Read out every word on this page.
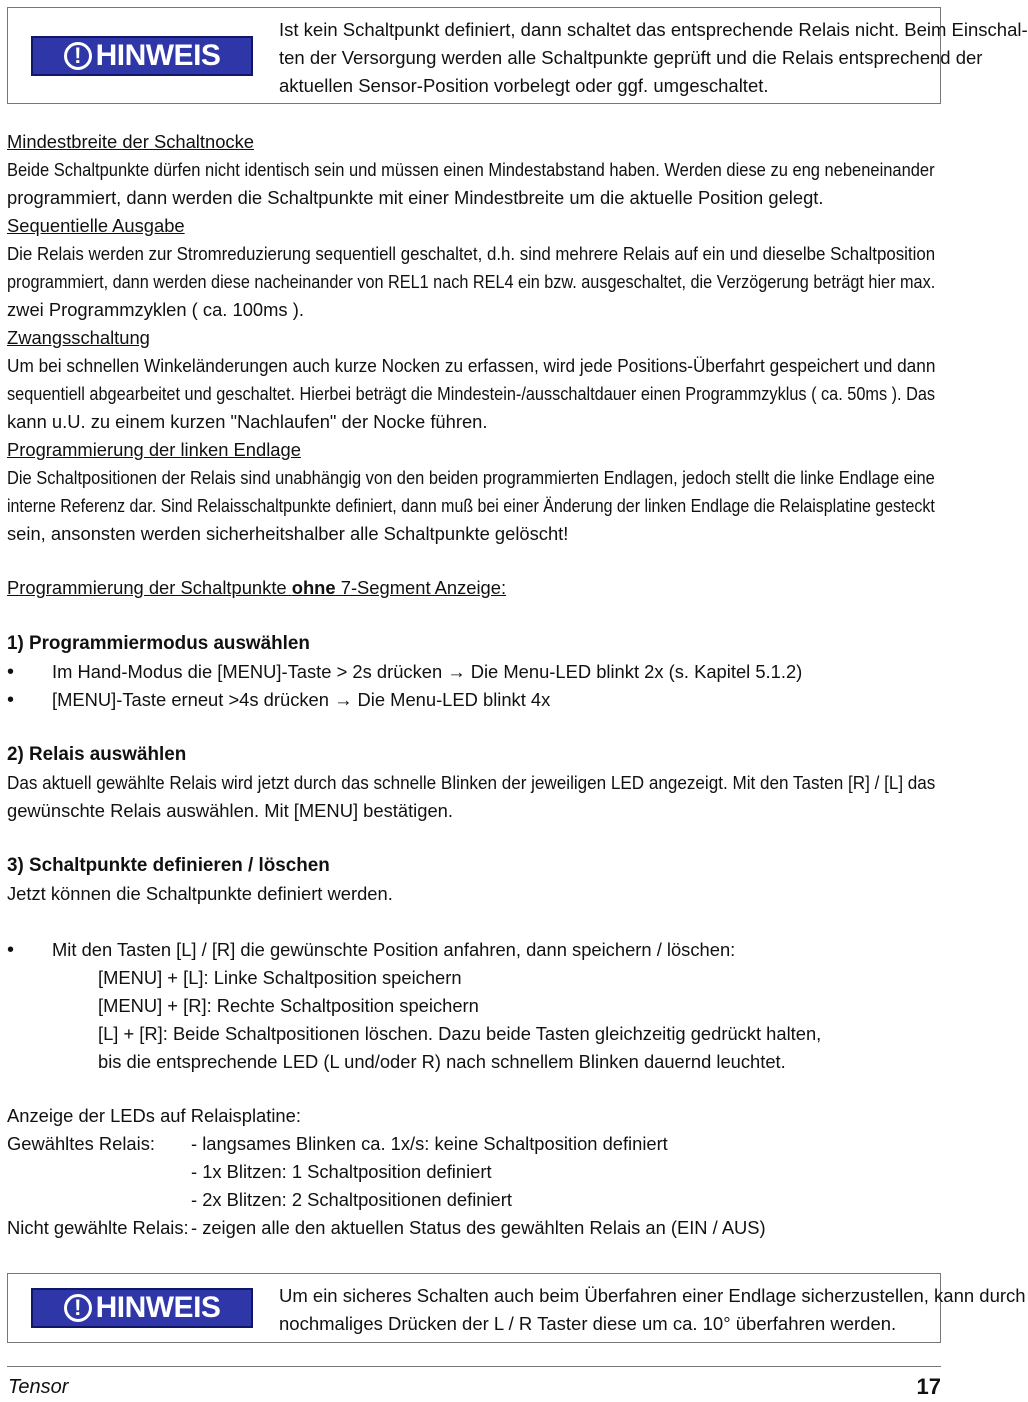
! HINWEIS
Ist kein Schaltpunkt definiert, dann schaltet das entsprechende Relais nicht. Beim Einschal-
ten der Versorgung werden alle Schaltpunkte geprüft und die Relais entsprechend der
aktuellen Sensor-Position vorbelegt oder ggf. umgeschaltet.
Mindestbreite der Schaltnocke
Beide Schaltpunkte dürfen nicht identisch sein und müssen einen Mindestabstand haben. Werden diese zu eng nebeneinander
programmiert, dann werden die Schaltpunkte mit einer Mindestbreite um die aktuelle Position gelegt.
Sequentielle Ausgabe
Die Relais werden zur Stromreduzierung sequentiell geschaltet, d.h. sind mehrere Relais auf ein und dieselbe Schaltposition
programmiert, dann werden diese nacheinander von REL1 nach REL4 ein bzw. ausgeschaltet, die Verzögerung beträgt hier max.
zwei Programmzyklen ( ca. 100ms ).
Zwangsschaltung
Um bei schnellen Winkeländerungen auch kurze Nocken zu erfassen, wird jede Positions-Überfahrt gespeichert und dann
sequentiell abgearbeitet und geschaltet. Hierbei beträgt die Mindestein-/ausschaltdauer einen Programmzyklus ( ca. 50ms ). Das
kann u.U. zu einem kurzen "Nachlaufen" der Nocke führen.
Programmierung der linken Endlage
Die Schaltpositionen der Relais sind unabhängig von den beiden programmierten Endlagen, jedoch stellt die linke Endlage eine
interne Referenz dar. Sind Relaisschaltpunkte definiert, dann muß bei einer Änderung der linken Endlage die Relaisplatine gesteckt
sein, ansonsten werden sicherheitshalber alle Schaltpunkte gelöscht!
Programmierung der Schaltpunkte ohne 7-Segment Anzeige:
1) Programmiermodus auswählen
• Im Hand-Modus die [MENU]-Taste > 2s drücken → Die Menu-LED blinkt 2x (s. Kapitel 5.1.2)
• [MENU]-Taste erneut >4s drücken → Die Menu-LED blinkt 4x
2) Relais auswählen
Das aktuell gewählte Relais wird jetzt durch das schnelle Blinken der jeweiligen LED angezeigt. Mit den Tasten [R] / [L] das
gewünschte Relais auswählen. Mit [MENU] bestätigen.
3) Schaltpunkte definieren / löschen
Jetzt können die Schaltpunkte definiert werden.
• Mit den Tasten [L] / [R] die gewünschte Position anfahren, dann speichern / löschen:
[MENU] + [L]: Linke Schaltposition speichern
[MENU] + [R]: Rechte Schaltposition speichern
[L] + [R]: Beide Schaltpositionen löschen. Dazu beide Tasten gleichzeitig gedrückt halten,
bis die entsprechende LED (L und/oder R) nach schnellem Blinken dauernd leuchtet.
Anzeige der LEDs auf Relaisplatine:
Gewähltes Relais:	- langsames Blinken ca. 1x/s: keine Schaltposition definiert
- 1x Blitzen: 1 Schaltposition definiert
- 2x Blitzen: 2 Schaltpositionen definiert
Nicht gewählte Relais: - zeigen alle den aktuellen Status des gewählten Relais an (EIN / AUS)
! HINWEIS	Um ein sicheres Schalten auch beim Überfahren einer Endlage sicherzustellen, kann durch
nochmaliges Drücken der L / R Taster diese um ca. 10° überfahren werden.
Tensor	17
